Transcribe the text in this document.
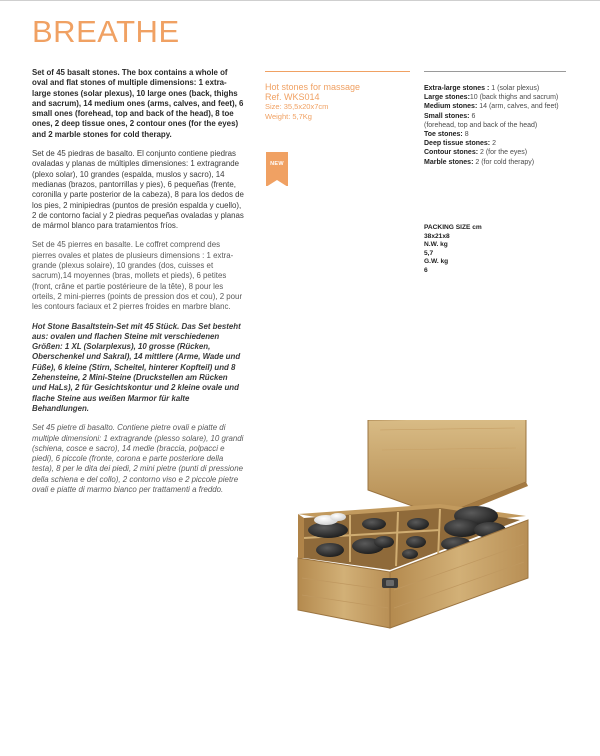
BREATHE

Set of 45 basalt stones. The box contains a whole of oval and flat stones of multiple dimensions: 1 extra-large stones (solar plexus), 10 large ones (back, thighs and sacrum), 14 medium ones (arms, calves, and feet), 6 small ones (forehead, top and back of the head), 8 toe ones, 2 deep tissue ones, 2 contour ones (for the eyes) and 2 marble stones for cold therapy.

Set de 45 piedras de basalto. El conjunto contiene piedras ovaladas y planas de múltiples dimensiones: 1 extragrande (plexo solar), 10 grandes (espalda, muslos y sacro), 14 medianas (brazos, pantorrillas y pies), 6 pequeñas (frente, coronilla y parte posterior de la cabeza), 8 para los dedos de los pies, 2 minipiedras (puntos de presión espalda y cuello), 2 de contorno facial y 2 piedras pequeñas ovaladas y planas de mármol blanco para tratamientos fríos.

Set de 45 pierres en basalte. Le coffret comprend des pierres ovales et plates de plusieurs dimensions : 1 extra-grande (plexus solaire), 10 grandes (dos, cuisses et sacrum),14 moyennes (bras, mollets et pieds), 6 petites (front, crâne et partie postérieure de la tête), 8 pour les orteils, 2 mini-pierres (points de pression dos et cou), 2 pour les contours faciaux et 2 pierres froides en marbre blanc.

Hot Stone Basaltstein-Set mit 45 Stück. Das Set besteht aus: ovalen und flachen Steine mit verschiedenen Größen: 1 XL (Solarplexus), 10 grosse (Rücken, Oberschenkel und Sakral), 14 mittlere (Arme, Wade und Füße), 6 kleine (Stirn, Scheitel, hinterer Kopfteil) und 8 Zehensteine, 2 Mini-Steine (Druckstellen am Rücken und HaLs), 2 für Gesichtskontur und 2 kleine ovale und flache Steine aus weißen Marmor für kalte Behandlungen.

Set 45 pietre di basalto. Contiene pietre ovali e piatte di multiple dimensioni: 1 extragrande (plesso solare), 10 grandi (schiena, cosce e sacro), 14 medie (braccia, polpacci e piedi), 6 piccole (fronte, corona e parte posteriore della testa), 8 per le dita dei piedi, 2 mini pietre (punti di pressione della schiena e del collo), 2 contorno viso e 2 piccole pietre ovali e piatte di marmo bianco per trattamenti a freddo.

Hot stones for massage
Ref. WKS014
Size: 35,5x20x7cm
Weight: 5,7Kg
NEW
Extra-large stones : 1 (solar plexus)
Large stones:10 (back thighs and sacrum)
Medium stones: 14 (arm, calves, and feet)
Small stones: 6
(forehead, top and back of the head)
Toe stones: 8
Deep tissue stones: 2
Contour stones: 2 (for the eyes)
Marble stones: 2 (for cold therapy)
PACKING SIZE cm
38x21x8
N.W. kg
5,7
G.W. kg
6
